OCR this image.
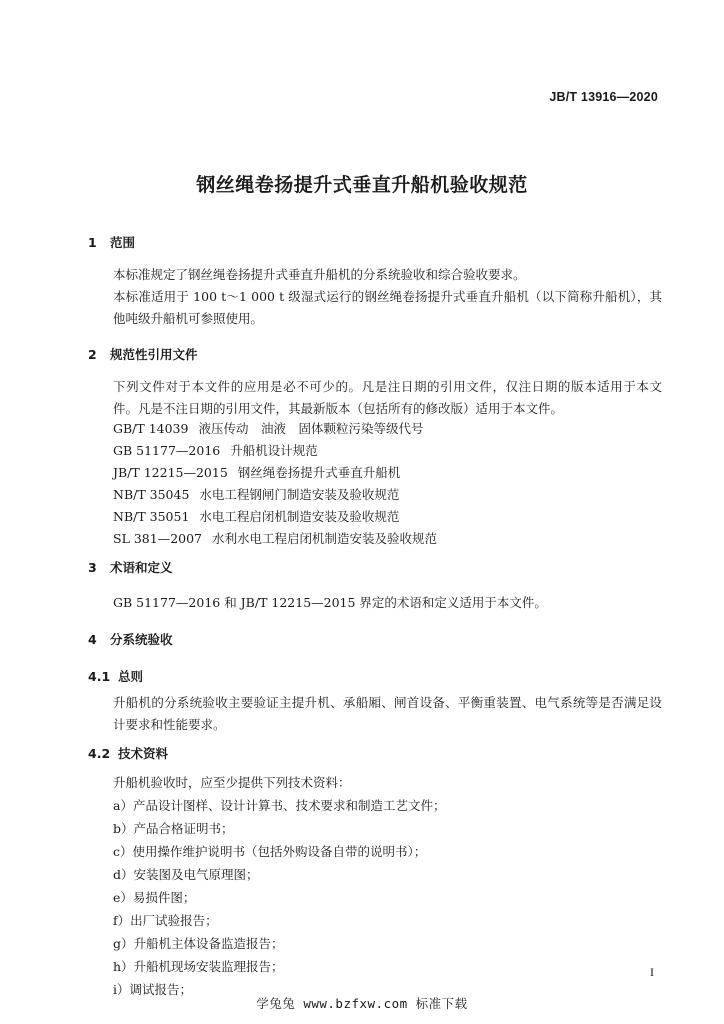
JB/T 13916—2020
钢丝绳卷扬提升式垂直升船机验收规范
1 范围
本标准规定了钢丝绳卷扬提升式垂直升船机的分系统验收和综合验收要求。
本标准适用于 100 t～1 000 t 级湿式运行的钢丝绳卷扬提升式垂直升船机（以下简称升船机），其他吨级升船机可参照使用。
2 规范性引用文件
下列文件对于本文件的应用是必不可少的。凡是注日期的引用文件，仅注日期的版本适用于本文件。凡是不注日期的引用文件，其最新版本（包括所有的修改版）适用于本文件。
GB/T 14039 液压传动　油液　固体颗粒污染等级代号
GB 51177—2016 升船机设计规范
JB/T 12215—2015 钢丝绳卷扬提升式垂直升船机
NB/T 35045 水电工程钢闸门制造安装及验收规范
NB/T 35051 水电工程启闭机制造安装及验收规范
SL 381—2007 水利水电工程启闭机制造安装及验收规范
3 术语和定义
GB 51177—2016 和 JB/T 12215—2015 界定的术语和定义适用于本文件。
4 分系统验收
4.1 总则
升船机的分系统验收主要验证主提升机、承船厢、闸首设备、平衡重装置、电气系统等是否满足设计要求和性能要求。
4.2 技术资料
升船机验收时，应至少提供下列技术资料：
a）产品设计图样、设计计算书、技术要求和制造工艺文件；
b）产品合格证明书；
c）使用操作维护说明书（包括外购设备自带的说明书）；
d）安装图及电气原理图；
e）易损件图；
f）出厂试验报告；
g）升船机主体设备监造报告；
h）升船机现场安装监理报告；
i）调试报告；
I
学兔兔 www.bzfxw.com 标准下载
